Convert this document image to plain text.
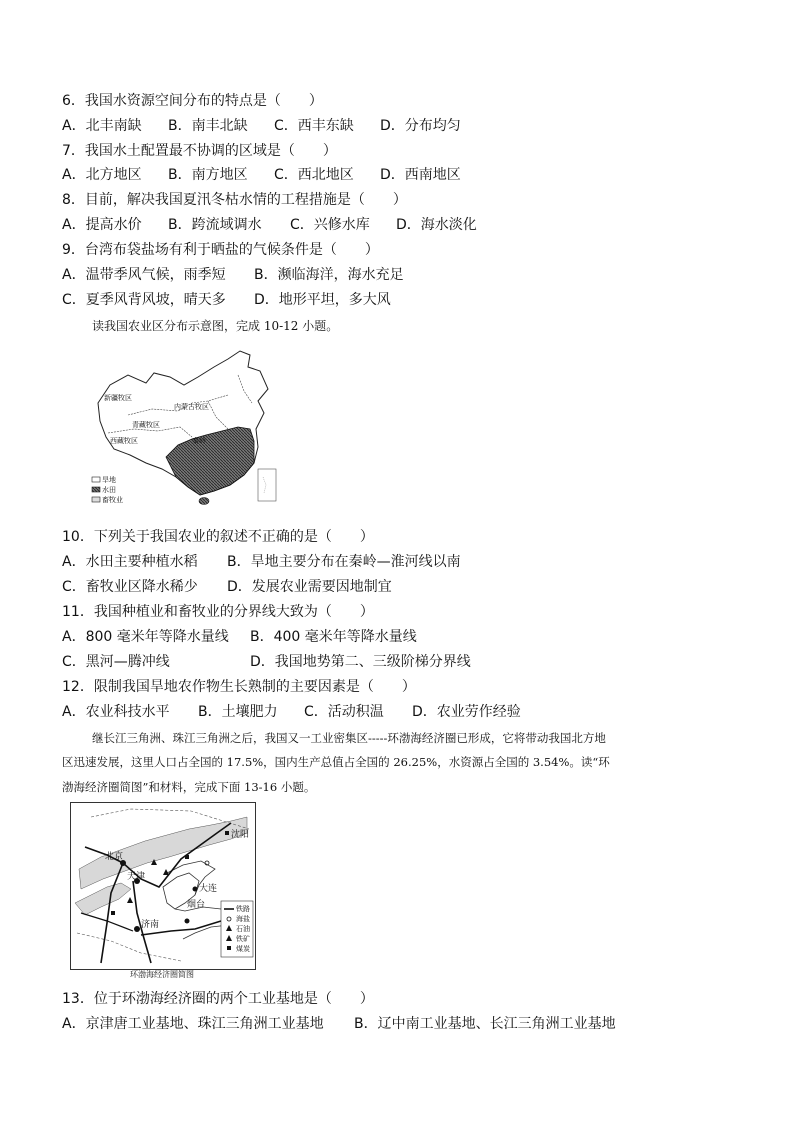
6．我国水资源空间分布的特点是（　　）
A．北丰南缺 B．南丰北缺 C．西丰东缺 D．分布均匀
7．我国水土配置最不协调的区域是（　　）
A．北方地区 B．南方地区 C．西北地区 D．西南地区
8．目前，解决我国夏汛冬枯水情的工程措施是（　　）
A．提高水价 B．跨流域调水 C．兴修水库 D．海水淡化
9．台湾布袋盐场有利于晒盐的气候条件是（　　）
A．温带季风气候，雨季短 B．濒临海洋，海水充足
C．夏季风背风坡，晴天多 D．地形平坦，多大风
读我国农业区分布示意图，完成 10-12 小题。
新疆牧区
内蒙古牧区
青藏牧区
西藏牧区	秦岭
旱地
水田
畜牧业
10．下列关于我国农业的叙述不正确的是（　　）
A．水田主要种植水稻 B．旱地主要分布在秦岭—淮河线以南
C．畜牧业区降水稀少 D．发展农业需要因地制宜
11．我国种植业和畜牧业的分界线大致为（　　）
A．800 毫米年等降水量线 B．400 毫米年等降水量线
C．黑河—腾冲线	D．我国地势第二、三级阶梯分界线
12．限制我国旱地农作物生长熟制的主要因素是（　　）
A．农业科技水平 B．土壤肥力 C．活动积温 D．农业劳作经验
继长江三角洲、珠江三角洲之后，我国又一工业密集区-----环渤海经济圈已形成，它将带动我国北方地
区迅速发展，这里人口占全国的 17.5%，国内生产总值占全国的 26.25%，水资源占全国的 3.54%。读“环
渤海经济圈简图”和材料，完成下面 13-16 小题。
沈阳
北京
天津
大连
烟台
济南
铁路
海盐
石油
铁矿
煤炭
环渤海经济圈简图
13．位于环渤海经济圈的两个工业基地是（　　）
A．京津唐工业基地、珠江三角洲工业基地 B．辽中南工业基地、长江三角洲工业基地
